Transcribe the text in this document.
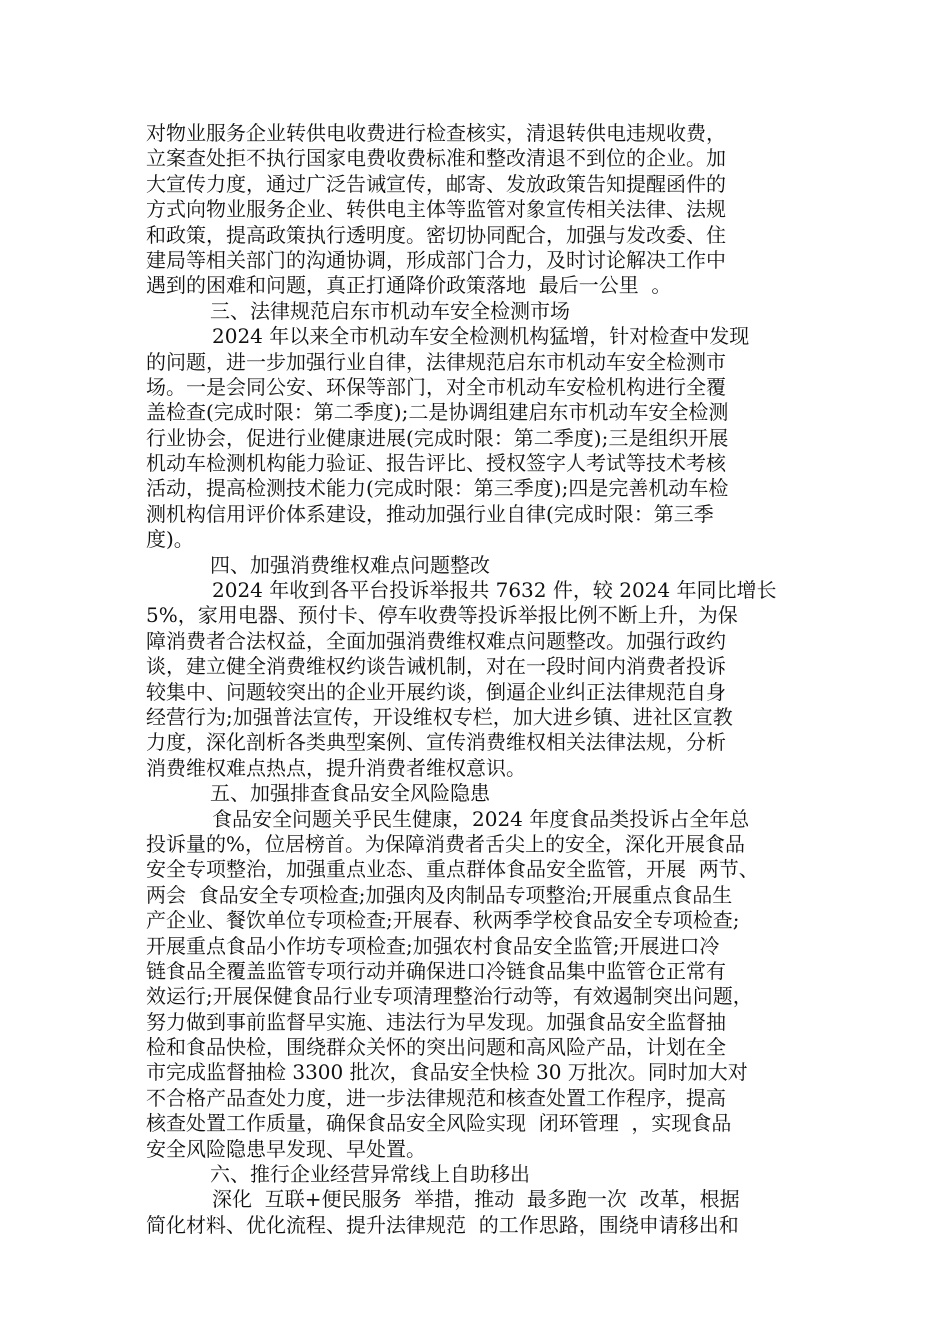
对物业服务企业转供电收费进行检查核实，清退转供电违规收费，
立案查处拒不执行国家电费收费标准和整改清退不到位的企业。加
大宣传力度，通过广泛告诫宣传，邮寄、发放政策告知提醒函件的
方式向物业服务企业、转供电主体等监管对象宣传相关法律、法规
和政策，提高政策执行透明度。密切协同配合，加强与发改委、住
建局等相关部门的沟通协调，形成部门合力，及时讨论解决工作中
遇到的困难和问题，真正打通降价政策落地  最后一公里  。
三、法律规范启东市机动车安全检测市场
2024 年以来全市机动车安全检测机构猛增，针对检查中发现
的问题，进一步加强行业自律，法律规范启东市机动车安全检测市
场。一是会同公安、环保等部门，对全市机动车安检机构进行全覆
盖检查(完成时限：第二季度);二是协调组建启东市机动车安全检测
行业协会，促进行业健康进展(完成时限：第二季度);三是组织开展
机动车检测机构能力验证、报告评比、授权签字人考试等技术考核
活动，提高检测技术能力(完成时限：第三季度);四是完善机动车检
测机构信用评价体系建设，推动加强行业自律(完成时限：第三季
度)。
四、加强消费维权难点问题整改
2024 年收到各平台投诉举报共 7632 件，较 2024 年同比增长
5%，家用电器、预付卡、停车收费等投诉举报比例不断上升，为保
障消费者合法权益，全面加强消费维权难点问题整改。加强行政约
谈，建立健全消费维权约谈告诫机制，对在一段时间内消费者投诉
较集中、问题较突出的企业开展约谈，倒逼企业纠正法律规范自身
经营行为;加强普法宣传，开设维权专栏，加大进乡镇、进社区宣教
力度，深化剖析各类典型案例、宣传消费维权相关法律法规，分析
消费维权难点热点，提升消费者维权意识。
五、加强排查食品安全风险隐患
食品安全问题关乎民生健康，2024 年度食品类投诉占全年总
投诉量的%，位居榜首。为保障消费者舌尖上的安全，深化开展食品
安全专项整治，加强重点业态、重点群体食品安全监管，开展  两节、
两会  食品安全专项检查;加强肉及肉制品专项整治;开展重点食品生
产企业、餐饮单位专项检查;开展春、秋两季学校食品安全专项检查;
开展重点食品小作坊专项检查;加强农村食品安全监管;开展进口冷
链食品全覆盖监管专项行动并确保进口冷链食品集中监管仓正常有
效运行;开展保健食品行业专项清理整治行动等，有效遏制突出问题，
努力做到事前监督早实施、违法行为早发现。加强食品安全监督抽
检和食品快检，围绕群众关怀的突出问题和高风险产品，计划在全
市完成监督抽检 3300 批次，食品安全快检 30 万批次。同时加大对
不合格产品查处力度，进一步法律规范和核查处置工作程序，提高
核查处置工作质量，确保食品安全风险实现  闭环管理  ，实现食品
安全风险隐患早发现、早处置。
六、推行企业经营异常线上自助移出
深化  互联+便民服务  举措，推动  最多跑一次  改革，根据
简化材料、优化流程、提升法律规范  的工作思路，围绕申请移出和
